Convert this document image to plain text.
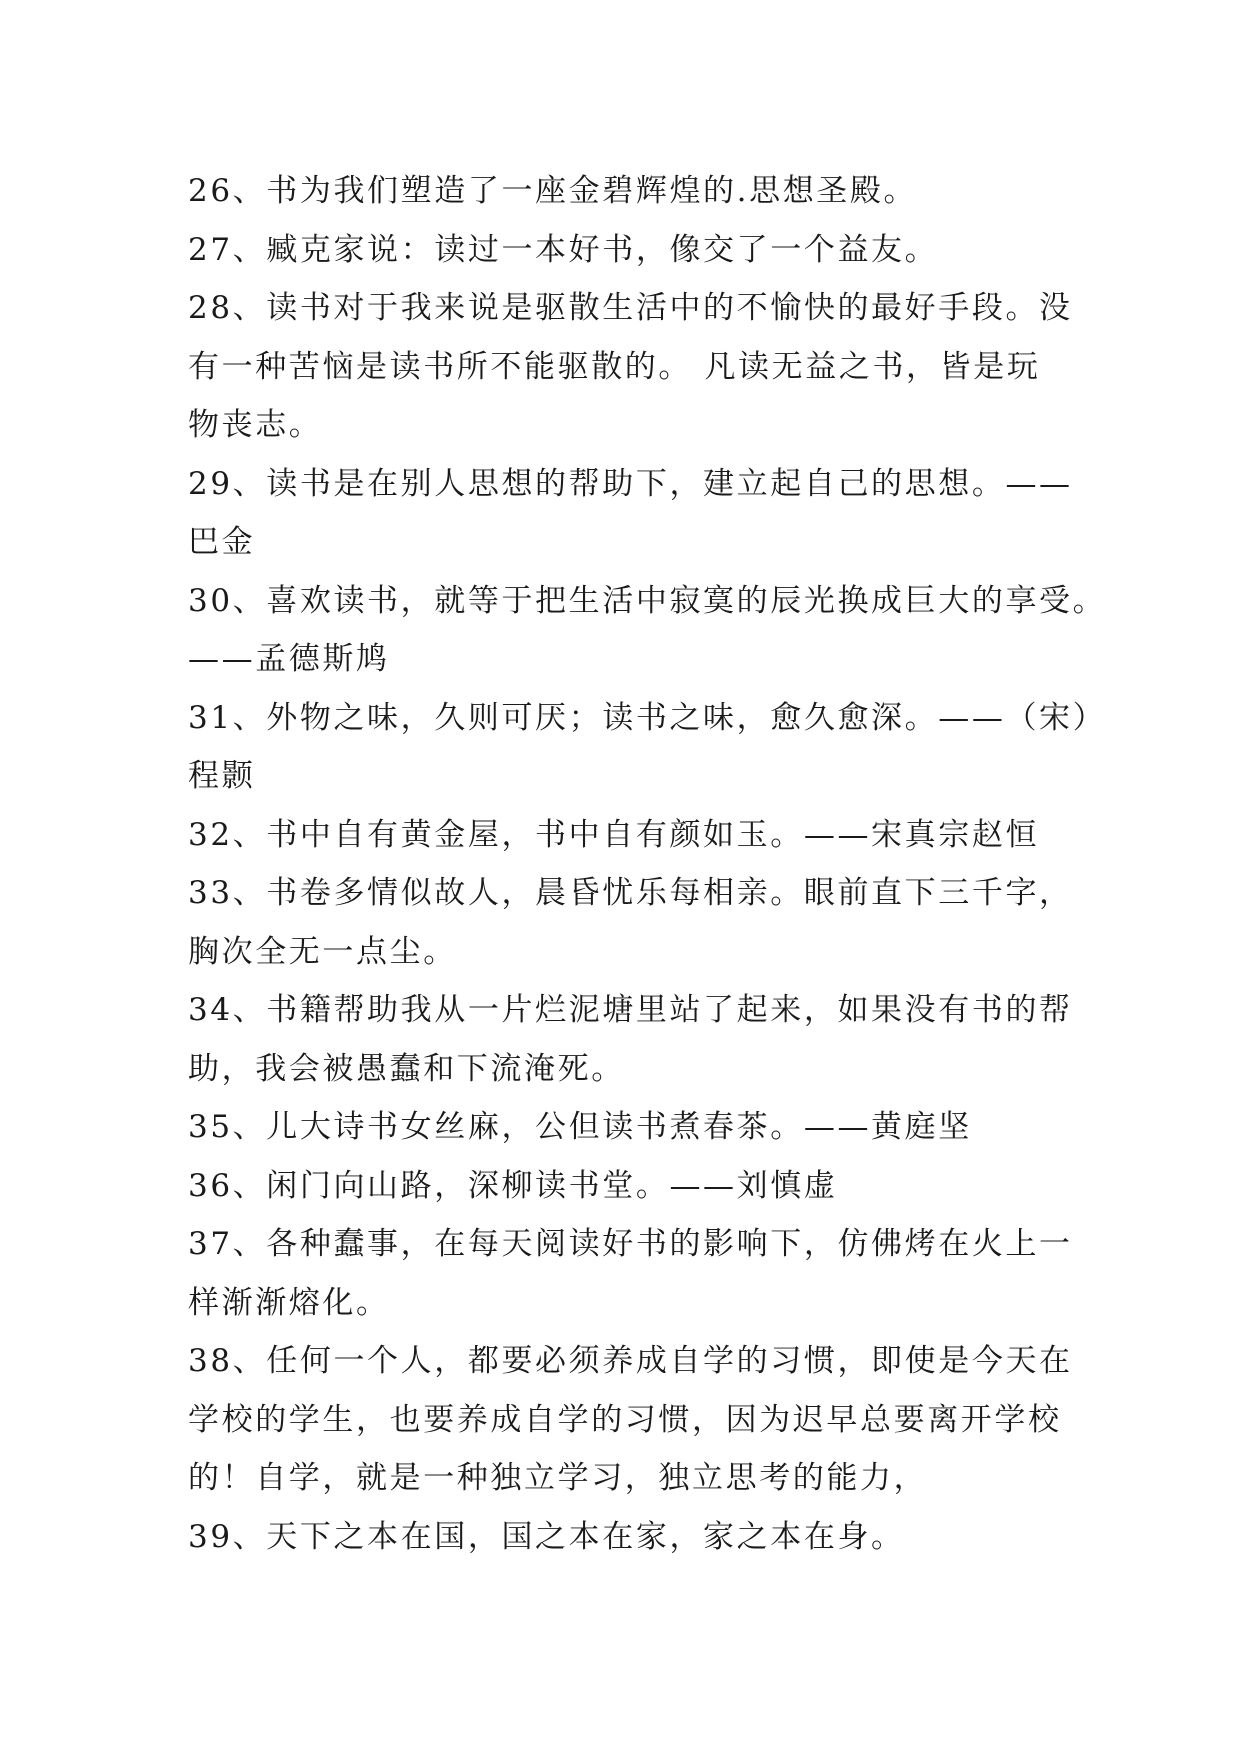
26、书为我们塑造了一座金碧辉煌的.思想圣殿。
27、臧克家说：读过一本好书，像交了一个益友。
28、读书对于我来说是驱散生活中的不愉快的最好手段。没
有一种苦恼是读书所不能驱散的。 凡读无益之书，皆是玩
物丧志。
29、读书是在别人思想的帮助下，建立起自己的思想。——
巴金
30、喜欢读书，就等于把生活中寂寞的辰光换成巨大的享受。
——孟德斯鸠
31、外物之味，久则可厌；读书之味，愈久愈深。——（宋）
程颢
32、书中自有黄金屋，书中自有颜如玉。——宋真宗赵恒
33、书卷多情似故人，晨昏忧乐每相亲。眼前直下三千字，
胸次全无一点尘。
34、书籍帮助我从一片烂泥塘里站了起来，如果没有书的帮
助，我会被愚蠢和下流淹死。
35、儿大诗书女丝麻，公但读书煮春茶。——黄庭坚
36、闲门向山路，深柳读书堂。——刘慎虚
37、各种蠢事，在每天阅读好书的影响下，仿佛烤在火上一
样渐渐熔化。
38、任何一个人，都要必须养成自学的习惯，即使是今天在
学校的学生，也要养成自学的习惯，因为迟早总要离开学校
的！自学，就是一种独立学习，独立思考的能力，
39、天下之本在国，国之本在家，家之本在身。
